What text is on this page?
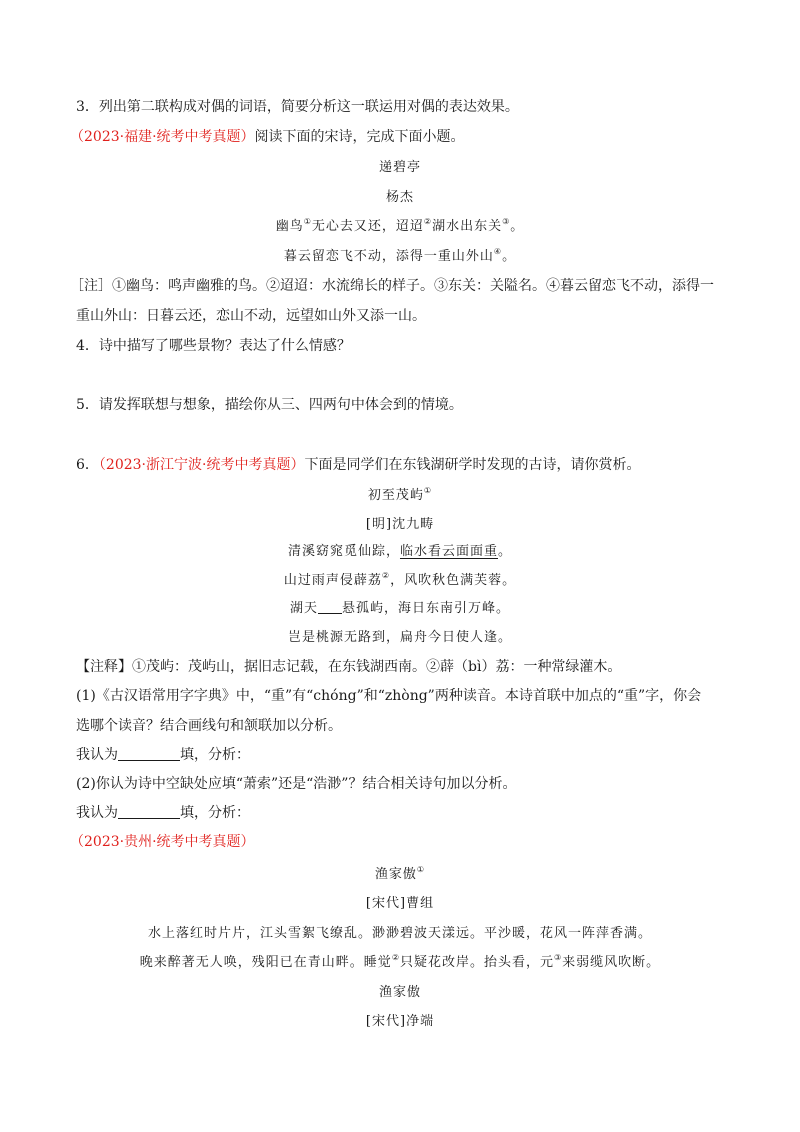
3．列出第二联构成对偶的词语，简要分析这一联运用对偶的表达效果。
（2023·福建·统考中考真题）阅读下面的宋诗，完成下面小题。
递碧亭
杨杰
幽鸟①无心去又还，迢迢②湖水出东关③。
暮云留恋飞不动，添得一重山外山④。
［注］①幽鸟：鸣声幽雅的鸟。②迢迢：水流绵长的样子。③东关：关隘名。④暮云留恋飞不动，添得一
重山外山：日暮云还，恋山不动，远望如山外又添一山。
4．诗中描写了哪些景物？表达了什么情感？
5．请发挥联想与想象，描绘你从三、四两句中体会到的情境。
6．（2023·浙江宁波·统考中考真题）下面是同学们在东钱湖研学时发现的古诗，请你赏析。
初至茂屿①
[明]沈九畴
清溪窈窕觅仙踪，临水看云面面重。
山过雨声侵薜荔②，风吹秋色满芙蓉。
湖天 悬孤屿，海日东南引万峰。
岂是桃源无路到，扁舟今日使人逢。
【注释】①茂屿：茂屿山，据旧志记载，在东钱湖西南。②薜（bì）荔：一种常绿灌木。
(1)《古汉语常用字字典》中，“重”有“chóng”和“zhòng”两种读音。本诗首联中加点的“重”字，你会
选哪个读音？结合画线句和颔联加以分析。
我认为	填，分析：
(2)你认为诗中空缺处应填“萧索”还是“浩渺”？结合相关诗句加以分析。
我认为	填，分析：
（2023·贵州·统考中考真题）
渔家傲①
[宋代]曹组
水上落红时片片，江头雪絮飞缭乱。渺渺碧波天漾远。平沙暖，花风一阵萍香满。
晚来醉著无人唤，残阳已在青山畔。睡觉②只疑花改岸。抬头看，元③来弱缆风吹断。
渔家傲
[宋代]净端
